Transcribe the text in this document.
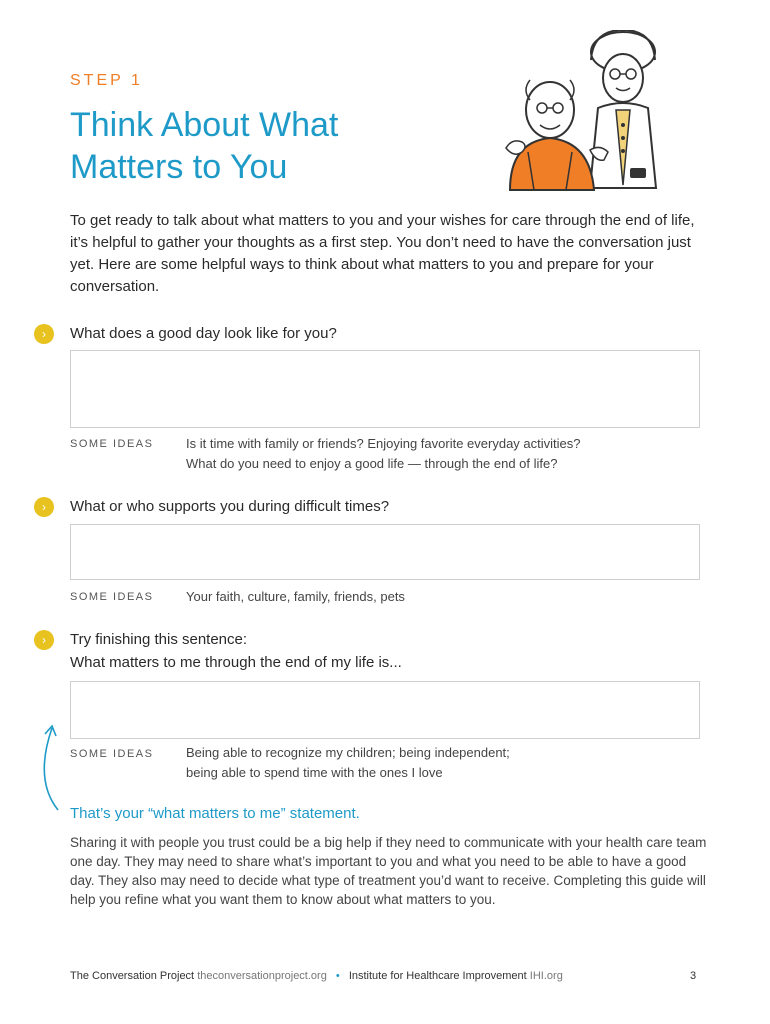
STEP 1
Think About What
Matters to You

To get ready to talk about what matters to you and your wishes for care through the end of life, it’s helpful to gather your thoughts as a first step. You don’t need to have the conversation just yet. Here are some helpful ways to think about what matters to you and prepare for your conversation.

›	What does a good day look like for you?
SOME IDEAS	Is it time with family or friends? Enjoying favorite everyday activities?
What do you need to enjoy a good life — through the end of life?
›	What or who supports you during difficult times?
SOME IDEAS	Your faith, culture, family, friends, pets
›	Try finishing this sentence:
What matters to me through the end of my life is...
SOME IDEAS	Being able to recognize my children; being independent;
being able to spend time with the ones I love
That’s your “what matters to me” statement.

Sharing it with people you trust could be a big help if they need to communicate with your health care team one day. They may need to share what’s important to you and what you need to be able to have a good day. They also may need to decide what type of treatment you’d want to receive. Completing this guide will help you refine what you want them to know about what matters to you.

The Conversation Project theconversationproject.org • Institute for Healthcare Improvement IHI.org	3
